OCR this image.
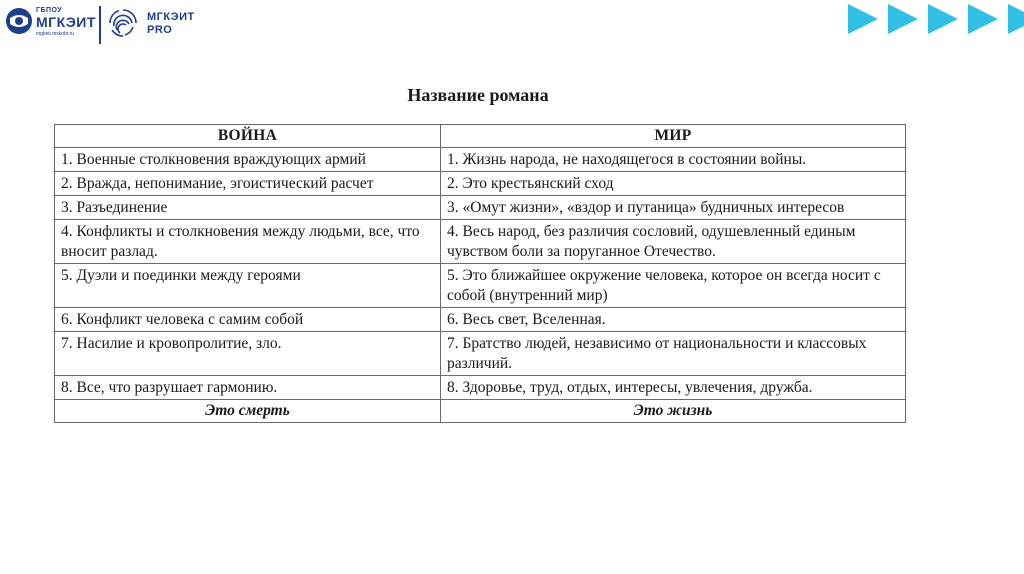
ГБПОУ
МГКЭИТ
mgkeit.mskobr.ru
МГКЭИТ
PRO
Название романа
ВОЙНА	МИР
1. Военные столкновения враждующих армий	1. Жизнь народа, не находящегося в состоянии войны.
2. Вражда, непонимание, эгоистический расчет	2. Это крестьянский сход
3. Разъединение	3. «Омут жизни», «вздор и путаница» будничных интересов
4. Конфликты и столкновения между людьми, все, что вносит разлад.	4. Весь народ, без различия сословий, одушевленный единым чувством боли за поруганное Отечество.
5. Дуэли и поединки между героями	5. Это ближайшее окружение человека, которое он всегда носит с собой (внутренний мир)
6. Конфликт человека с самим собой	6. Весь свет, Вселенная.
7. Насилие и кровопролитие, зло.	7. Братство людей, независимо от национальности и классовых различий.
8. Все, что разрушает гармонию.	8. Здоровье, труд, отдых, интересы, увлечения, дружба.
Это смерть	Это жизнь
